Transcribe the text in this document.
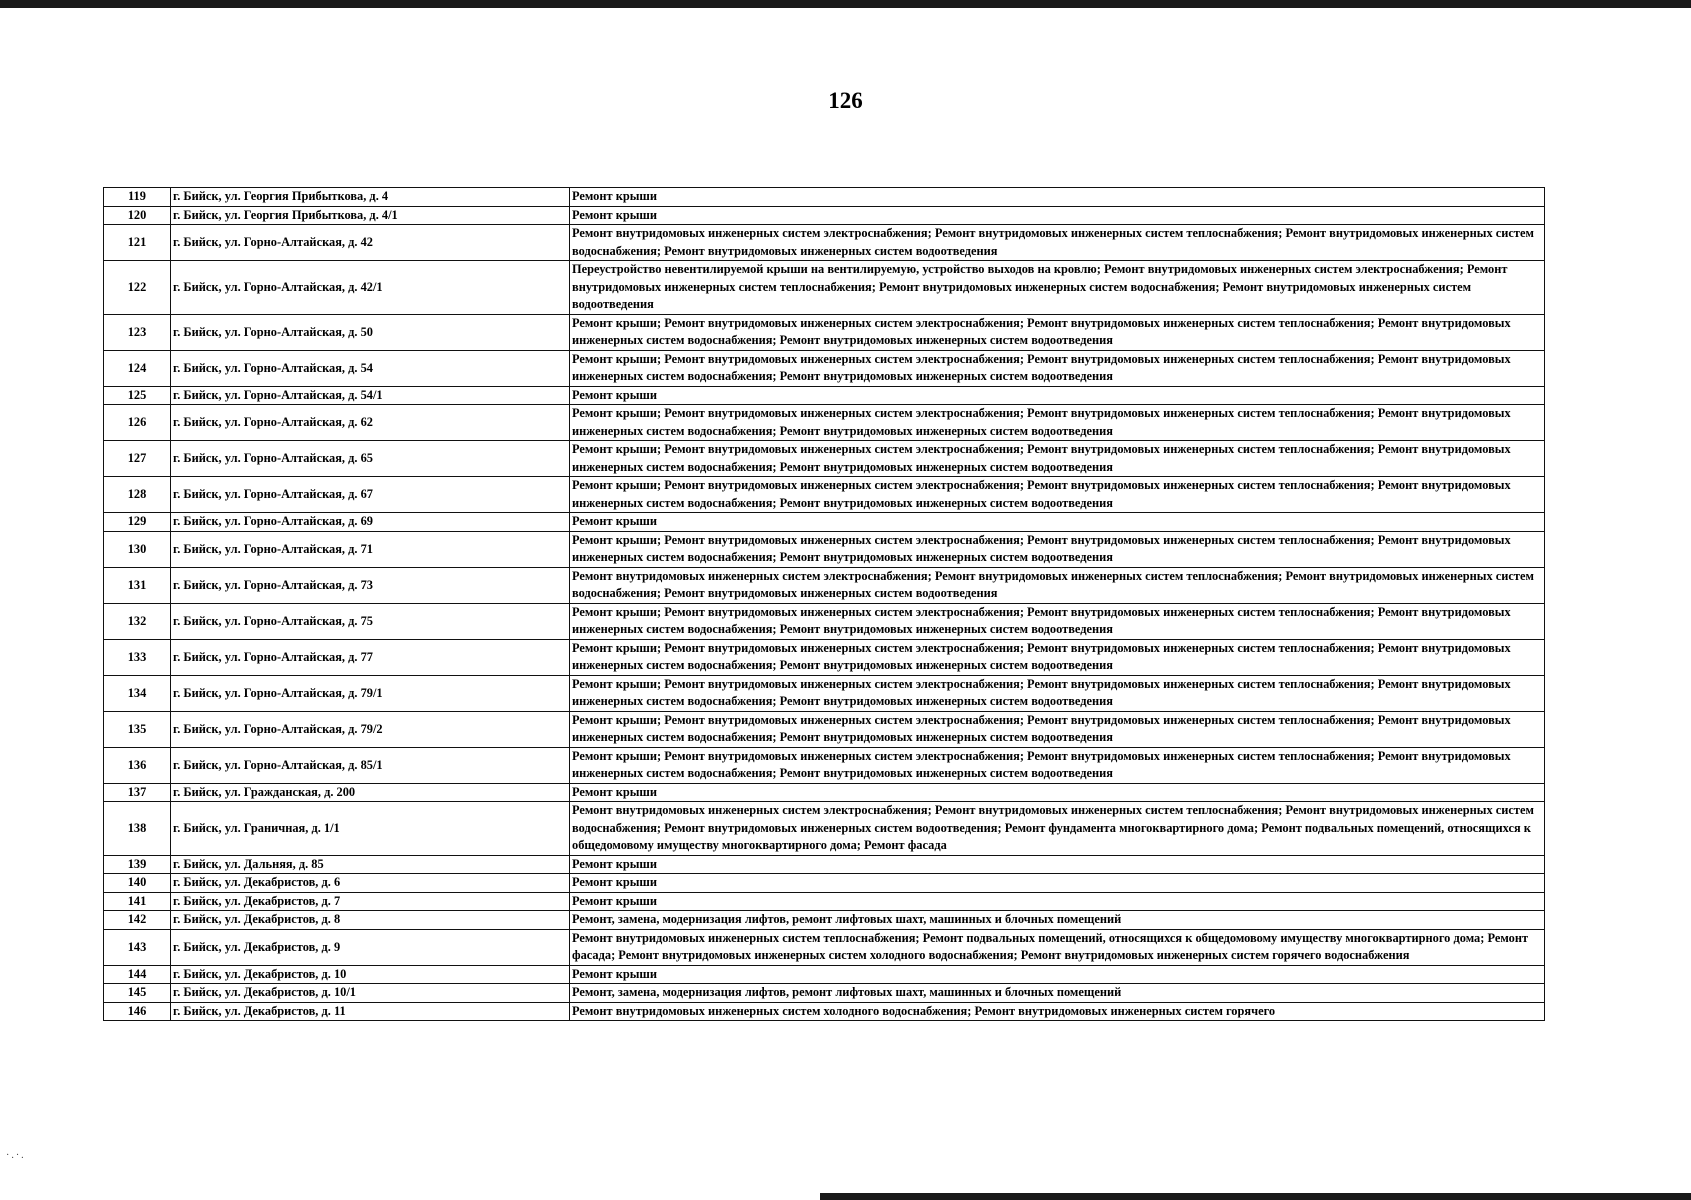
126
119	г. Бийск, ул. Георгия Прибыткова, д. 4	Ремонт крыши
120	г. Бийск, ул. Георгия Прибыткова, д. 4/1	Ремонт крыши
121	г. Бийск, ул. Горно-Алтайская, д. 42	Ремонт внутридомовых инженерных систем электроснабжения; Ремонт внутридомовых инженерных систем теплоснабжения; Ремонт внутридомовых инженерных систем водоснабжения; Ремонт внутридомовых инженерных систем водоотведения
122	г. Бийск, ул. Горно-Алтайская, д. 42/1	Переустройство невентилируемой крыши на вентилируемую, устройство выходов на кровлю; Ремонт внутридомовых инженерных систем электроснабжения; Ремонт внутридомовых инженерных систем теплоснабжения; Ремонт внутридомовых инженерных систем водоснабжения; Ремонт внутридомовых инженерных систем водоотведения
123	г. Бийск, ул. Горно-Алтайская, д. 50	Ремонт крыши; Ремонт внутридомовых инженерных систем электроснабжения; Ремонт внутридомовых инженерных систем теплоснабжения; Ремонт внутридомовых инженерных систем водоснабжения; Ремонт внутридомовых инженерных систем водоотведения
124	г. Бийск, ул. Горно-Алтайская, д. 54	Ремонт крыши; Ремонт внутридомовых инженерных систем электроснабжения; Ремонт внутридомовых инженерных систем теплоснабжения; Ремонт внутридомовых инженерных систем водоснабжения; Ремонт внутридомовых инженерных систем водоотведения
125	г. Бийск, ул. Горно-Алтайская, д. 54/1	Ремонт крыши
126	г. Бийск, ул. Горно-Алтайская, д. 62	Ремонт крыши; Ремонт внутридомовых инженерных систем электроснабжения; Ремонт внутридомовых инженерных систем теплоснабжения; Ремонт внутридомовых инженерных систем водоснабжения; Ремонт внутридомовых инженерных систем водоотведения
127	г. Бийск, ул. Горно-Алтайская, д. 65	Ремонт крыши; Ремонт внутридомовых инженерных систем электроснабжения; Ремонт внутридомовых инженерных систем теплоснабжения; Ремонт внутридомовых инженерных систем водоснабжения; Ремонт внутридомовых инженерных систем водоотведения
128	г. Бийск, ул. Горно-Алтайская, д. 67	Ремонт крыши; Ремонт внутридомовых инженерных систем электроснабжения; Ремонт внутридомовых инженерных систем теплоснабжения; Ремонт внутридомовых инженерных систем водоснабжения; Ремонт внутридомовых инженерных систем водоотведения
129	г. Бийск, ул. Горно-Алтайская, д. 69	Ремонт крыши
130	г. Бийск, ул. Горно-Алтайская, д. 71	Ремонт крыши; Ремонт внутридомовых инженерных систем электроснабжения; Ремонт внутридомовых инженерных систем теплоснабжения; Ремонт внутридомовых инженерных систем водоснабжения; Ремонт внутридомовых инженерных систем водоотведения
131	г. Бийск, ул. Горно-Алтайская, д. 73	Ремонт внутридомовых инженерных систем электроснабжения; Ремонт внутридомовых инженерных систем теплоснабжения; Ремонт внутридомовых инженерных систем водоснабжения; Ремонт внутридомовых инженерных систем водоотведения
132	г. Бийск, ул. Горно-Алтайская, д. 75	Ремонт крыши; Ремонт внутридомовых инженерных систем электроснабжения; Ремонт внутридомовых инженерных систем теплоснабжения; Ремонт внутридомовых инженерных систем водоснабжения; Ремонт внутридомовых инженерных систем водоотведения
133	г. Бийск, ул. Горно-Алтайская, д. 77	Ремонт крыши; Ремонт внутридомовых инженерных систем электроснабжения; Ремонт внутридомовых инженерных систем теплоснабжения; Ремонт внутридомовых инженерных систем водоснабжения; Ремонт внутридомовых инженерных систем водоотведения
134	г. Бийск, ул. Горно-Алтайская, д. 79/1	Ремонт крыши; Ремонт внутридомовых инженерных систем электроснабжения; Ремонт внутридомовых инженерных систем теплоснабжения; Ремонт внутридомовых инженерных систем водоснабжения; Ремонт внутридомовых инженерных систем водоотведения
135	г. Бийск, ул. Горно-Алтайская, д. 79/2	Ремонт крыши; Ремонт внутридомовых инженерных систем электроснабжения; Ремонт внутридомовых инженерных систем теплоснабжения; Ремонт внутридомовых инженерных систем водоснабжения; Ремонт внутридомовых инженерных систем водоотведения
136	г. Бийск, ул. Горно-Алтайская, д. 85/1	Ремонт крыши; Ремонт внутридомовых инженерных систем электроснабжения; Ремонт внутридомовых инженерных систем теплоснабжения; Ремонт внутридомовых инженерных систем водоснабжения; Ремонт внутридомовых инженерных систем водоотведения
137	г. Бийск, ул. Гражданская, д. 200	Ремонт крыши
138	г. Бийск, ул. Граничная, д. 1/1	Ремонт внутридомовых инженерных систем электроснабжения; Ремонт внутридомовых инженерных систем теплоснабжения; Ремонт внутридомовых инженерных систем водоснабжения; Ремонт внутридомовых инженерных систем водоотведения; Ремонт фундамента многоквартирного дома; Ремонт подвальных помещений, относящихся к общедомовому имуществу многоквартирного дома; Ремонт фасада
139	г. Бийск, ул. Дальняя, д. 85	Ремонт крыши
140	г. Бийск, ул. Декабристов, д. 6	Ремонт крыши
141	г. Бийск, ул. Декабристов, д. 7	Ремонт крыши
142	г. Бийск, ул. Декабристов, д. 8	Ремонт, замена, модернизация лифтов, ремонт лифтовых шахт, машинных и блочных помещений
143	г. Бийск, ул. Декабристов, д. 9	Ремонт внутридомовых инженерных систем теплоснабжения; Ремонт подвальных помещений, относящихся к общедомовому имуществу многоквартирного дома; Ремонт фасада; Ремонт внутридомовых инженерных систем холодного водоснабжения; Ремонт внутридомовых инженерных систем горячего водоснабжения
144	г. Бийск, ул. Декабристов, д. 10	Ремонт крыши
145	г. Бийск, ул. Декабристов, д. 10/1	Ремонт, замена, модернизация лифтов, ремонт лифтовых шахт, машинных и блочных помещений
146	г. Бийск, ул. Декабристов, д. 11	Ремонт внутридомовых инженерных систем холодного водоснабжения; Ремонт внутридомовых инженерных систем горячего
·.·.
